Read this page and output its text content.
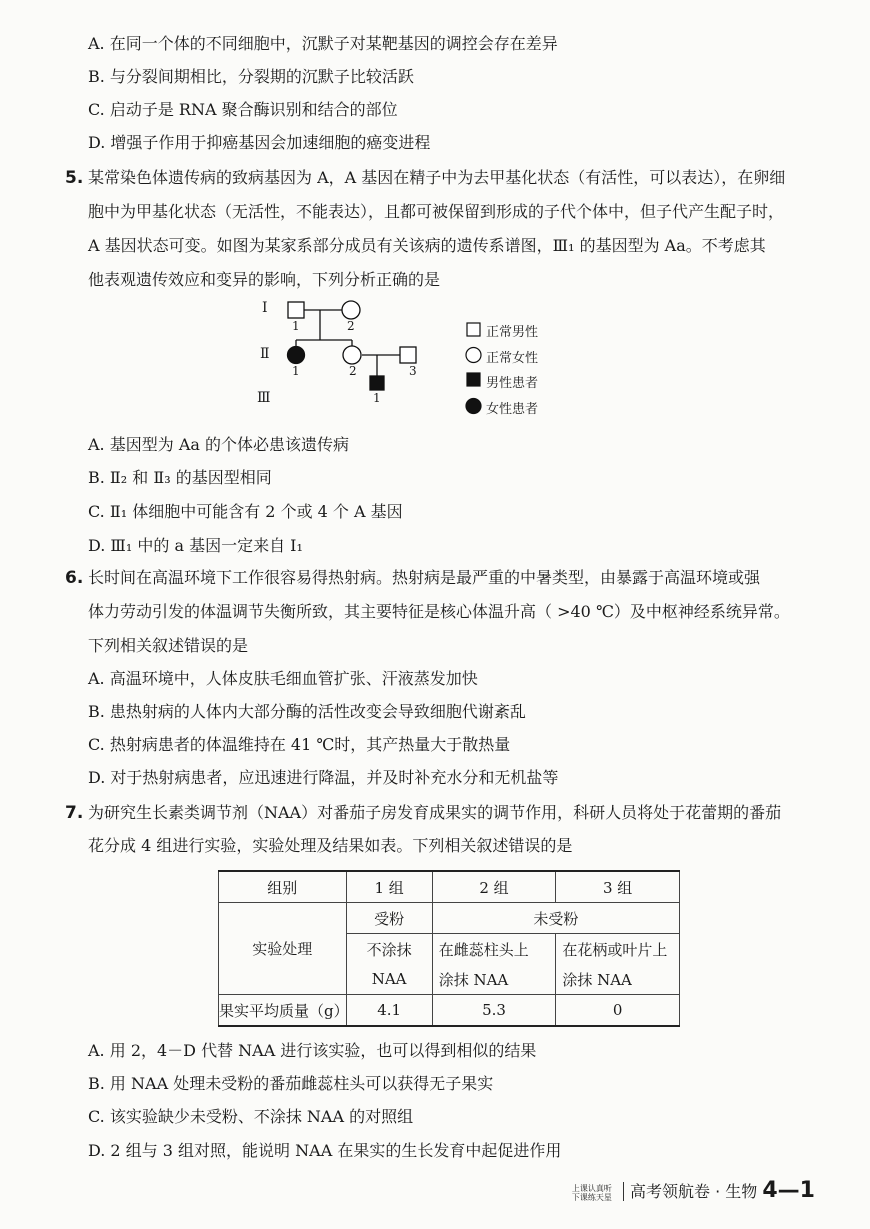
A. 在同一个体的不同细胞中，沉默子对某靶基因的调控会存在差异
B. 与分裂间期相比，分裂期的沉默子比较活跃
C. 启动子是 RNA 聚合酶识别和结合的部位
D. 增强子作用于抑癌基因会加速细胞的癌变进程
5. 某常染色体遗传病的致病基因为 A，A 基因在精子中为去甲基化状态（有活性，可以表达），在卵细
胞中为甲基化状态（无活性，不能表达），且都可被保留到形成的子代个体中，但子代产生配子时，
A 基因状态可变。如图为某家系部分成员有关该病的遗传系谱图，Ⅲ₁ 的基因型为 Aa。不考虑其
他表观遗传效应和变异的影响，下列分析正确的是
Ⅰ
Ⅱ
Ⅲ
1	2
1	2	3
1
正常男性
正常女性
男性患者
女性患者
A. 基因型为 Aa 的个体必患该遗传病
B. Ⅱ₂ 和 Ⅱ₃ 的基因型相同
C. Ⅱ₁ 体细胞中可能含有 2 个或 4 个 A 基因
D. Ⅲ₁ 中的 a 基因一定来自 Ⅰ₁
6. 长时间在高温环境下工作很容易得热射病。热射病是最严重的中暑类型，由暴露于高温环境或强
体力劳动引发的体温调节失衡所致，其主要特征是核心体温升高（ >40 ℃）及中枢神经系统异常。
下列相关叙述错误的是
A. 高温环境中，人体皮肤毛细血管扩张、汗液蒸发加快
B. 患热射病的人体内大部分酶的活性改变会导致细胞代谢紊乱
C. 热射病患者的体温维持在 41 ℃时，其产热量大于散热量
D. 对于热射病患者，应迅速进行降温，并及时补充水分和无机盐等
7. 为研究生长素类调节剂（NAA）对番茄子房发育成果实的调节作用，科研人员将处于花蕾期的番茄
花分成 4 组进行实验，实验处理及结果如表。下列相关叙述错误的是
组别	1 组	2 组	3 组
实验处理	受粉	未受粉	
	不涂抹	在雌蕊柱头上	在花柄或叶片上
	NAA	涂抹 NAA	涂抹 NAA
果实平均质量（g）	4.1	5.3	0
A. 用 2，4－D 代替 NAA 进行该实验，也可以得到相似的结果
B. 用 NAA 处理未受粉的番茄雌蕊柱头可以获得无子果实
C. 该实验缺少未受粉、不涂抹 NAA 的对照组
D. 2 组与 3 组对照，能说明 NAA 在果实的生长发育中起促进作用
上课认真听
下课练天星 高考领航卷 · 生物 4—1
